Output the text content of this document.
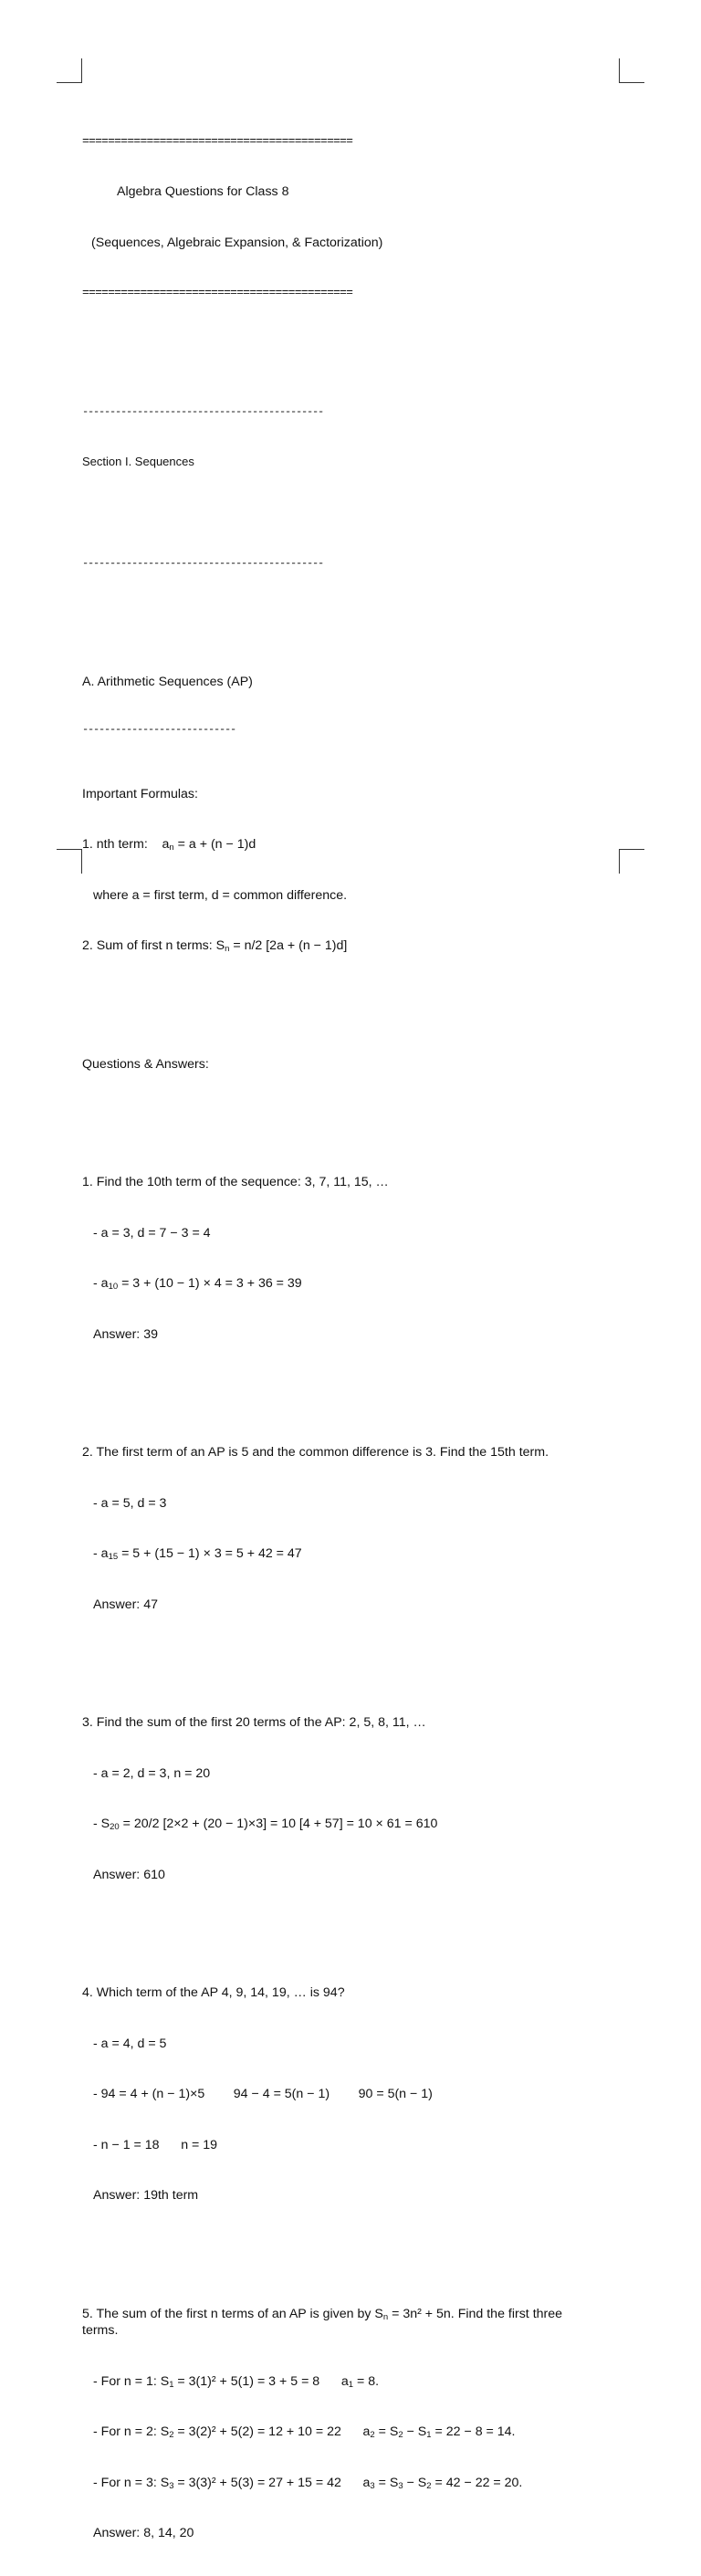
==========================================

Algebra Questions for Class 8

(Sequences, Algebraic Expansion, & Factorization)

==========================================

--------------------------------------------

Section I. Sequences

--------------------------------------------

A. Arithmetic Sequences (AP)

----------------------------

Important Formulas:

1. nth term:    $a_n = a + (n - 1)d$

where a = first term, d = common difference.

2. Sum of first n terms: $S_n = n/2$ [2a + (n − 1)d]

Questions & Answers:

1. Find the 10th term of the sequence: 3, 7, 11, 15, …

- a = 3, d = 7 − 3 = 4

- $a_{10} = 3 + (10 - 1) \times 4 = 3 + 36 = 39$

Answer: 39

2. The first term of an AP is 5 and the common difference is 3. Find the 15th term.

- a = 5, d = 3

- $a_{15} = 5 + (15 - 1) \times 3 = 5 + 42 = 47$

Answer: 47

3. Find the sum of the first 20 terms of the AP: 2, 5, 8, 11, …

- a = 2, d = 3, n = 20

- $S_{20} = 20/2$ [2×2 + (20 − 1)×3] = 10 [4 + 57] = 10 × 61 = 610

Answer: 610

4. Which term of the AP 4, 9, 14, 19, … is 94?

- a = 4, d = 5

- 94 = 4 + (n − 1)×5        94 − 4 = 5(n − 1)        90 = 5(n − 1)

- n − 1 = 18      n = 19

Answer: 19th term

5. The sum of the first n terms of an AP is given by $S_n = 3n^2 + 5n$. Find the first three terms.

- For n = 1: $S_1 = 3(1)^2 + 5(1) = 3 + 5 = 8$      $a_1 = 8$.

- For n = 2: $S_2 = 3(2)^2 + 5(2) = 12 + 10 = 22$      $a_2 = S_2 - S_1 = 22 - 8 = 14$.

- For n = 3: $S_3 = 3(3)^2 + 5(3) = 27 + 15 = 42$      $a_3 = S_3 - S_2 = 42 - 22 = 20$.

Answer: 8, 14, 20
